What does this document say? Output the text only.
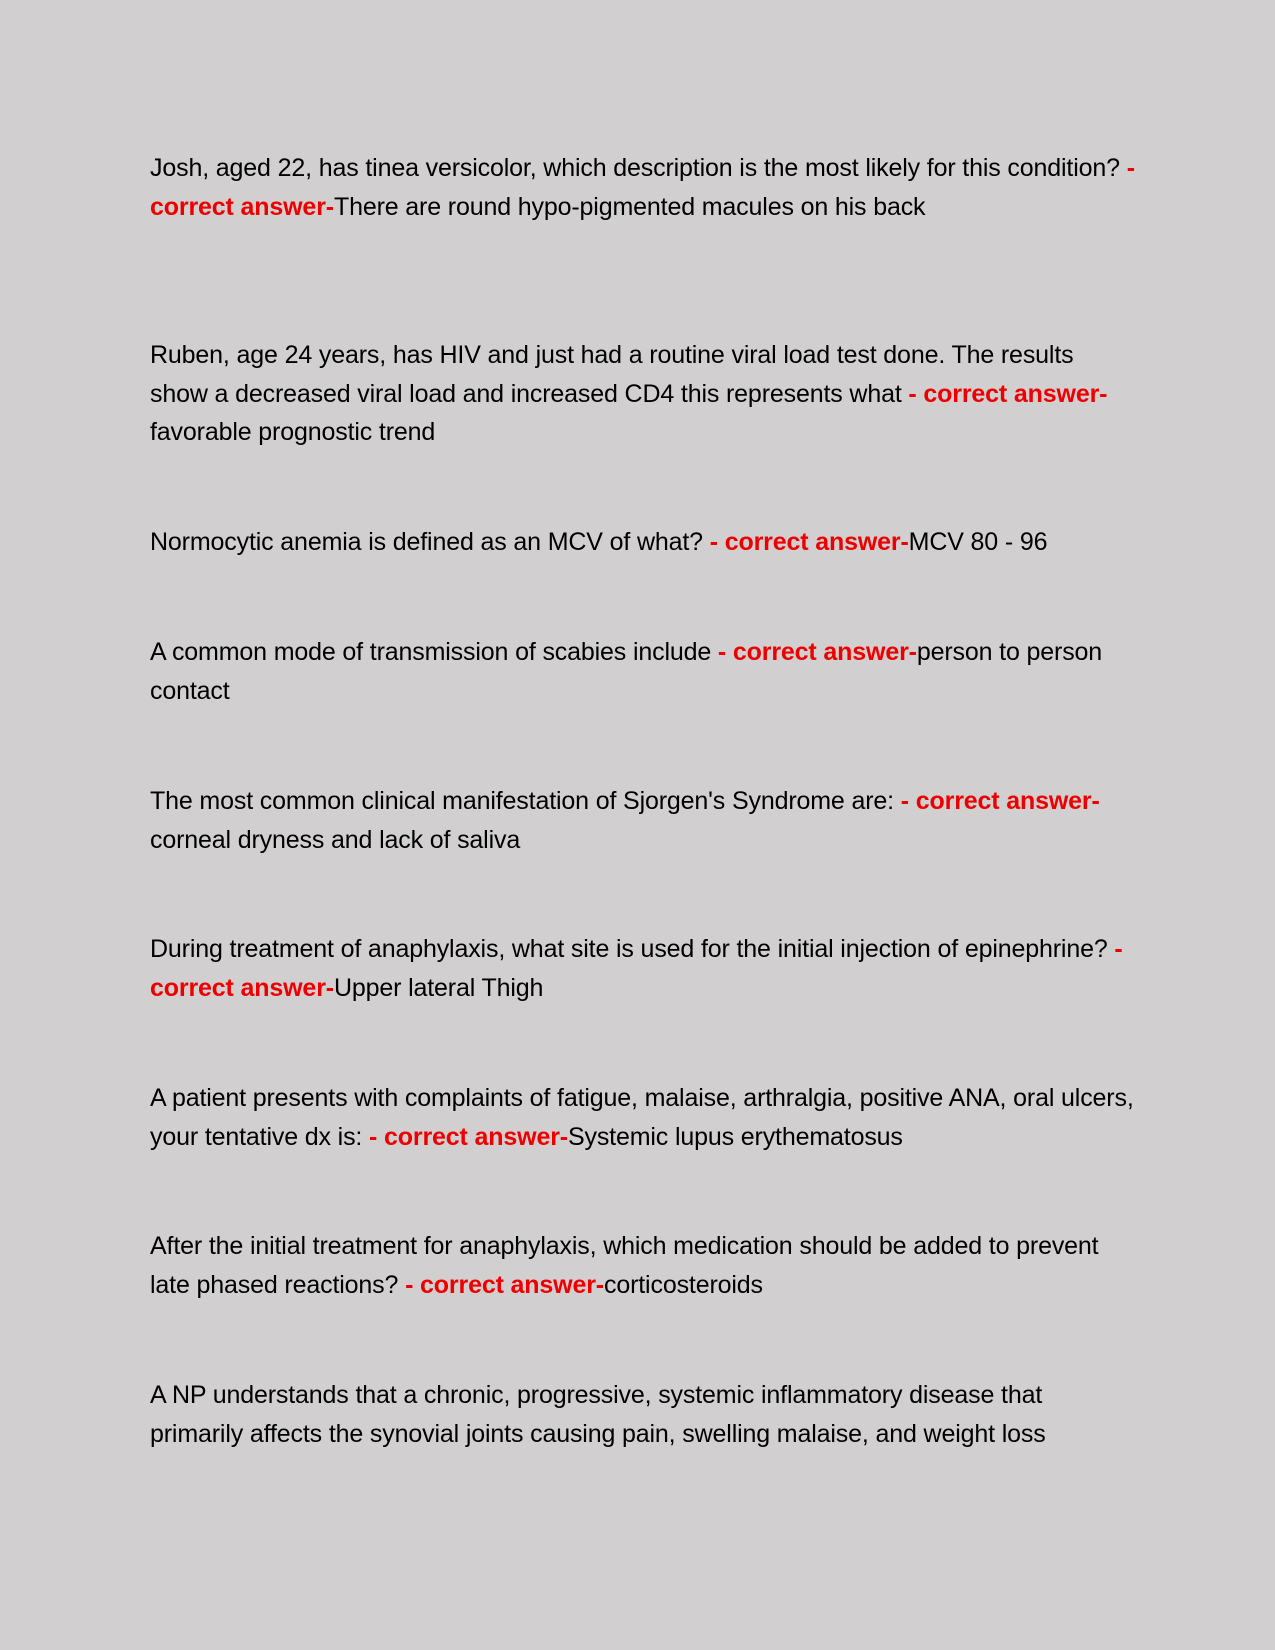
Josh, aged 22, has tinea versicolor, which description is the most likely for this condition? - correct answer-There are round hypo-pigmented macules on his back

Ruben, age 24 years, has HIV and just had a routine viral load test done. The results show a decreased viral load and increased CD4 this represents what - correct answer-favorable prognostic trend

Normocytic anemia is defined as an MCV of what? - correct answer-MCV 80 - 96

A common mode of transmission of scabies include - correct answer-person to person contact

The most common clinical manifestation of Sjorgen's Syndrome are: - correct answer-corneal dryness and lack of saliva

During treatment of anaphylaxis, what site is used for the initial injection of epinephrine? - correct answer-Upper lateral Thigh

A patient presents with complaints of fatigue, malaise, arthralgia, positive ANA, oral ulcers, your tentative dx is: - correct answer-Systemic lupus erythematosus

After the initial treatment for anaphylaxis, which medication should be added to prevent late phased reactions? - correct answer-corticosteroids

A NP understands that a chronic, progressive, systemic inflammatory disease that primarily affects the synovial joints causing pain, swelling malaise, and weight loss
